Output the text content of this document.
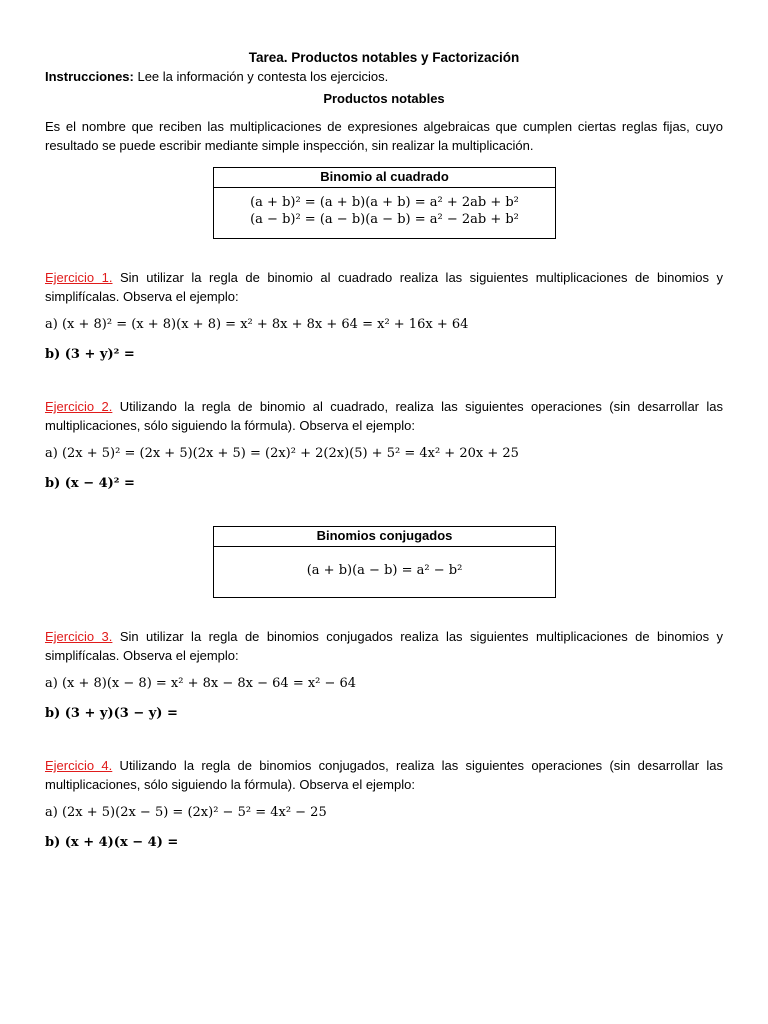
Tarea. Productos notables y Factorización

Instrucciones: Lee la información y contesta los ejercicios.

Productos notables

Es el nombre que reciben las multiplicaciones de expresiones algebraicas que cumplen ciertas reglas fijas, cuyo resultado se puede escribir mediante simple inspección, sin realizar la multiplicación.

Binomio al cuadrado
(a + b)² = (a + b)(a + b) = a² + 2ab + b²
(a − b)² = (a − b)(a − b) = a² − 2ab + b²

Ejercicio 1. Sin utilizar la regla de binomio al cuadrado realiza las siguientes multiplicaciones de binomios y simplifícalas. Observa el ejemplo:

a) (x + 8)² = (x + 8)(x + 8) = x² + 8x + 8x + 64 = x² + 16x + 64

b) (3 + y)² =

Ejercicio 2. Utilizando la regla de binomio al cuadrado, realiza las siguientes operaciones (sin desarrollar las multiplicaciones, sólo siguiendo la fórmula). Observa el ejemplo:

a) (2x + 5)² = (2x + 5)(2x + 5) = (2x)² + 2(2x)(5) + 5² = 4x² + 20x + 25

b) (x − 4)² =

Binomios conjugados
(a + b)(a − b) = a² − b²

Ejercicio 3. Sin utilizar la regla de binomios conjugados realiza las siguientes multiplicaciones de binomios y simplifícalas. Observa el ejemplo:

a) (x + 8)(x − 8) = x² + 8x − 8x − 64 = x² − 64

b) (3 + y)(3 − y) =

Ejercicio 4. Utilizando la regla de binomios conjugados, realiza las siguientes operaciones (sin desarrollar las multiplicaciones, sólo siguiendo la fórmula). Observa el ejemplo:

a) (2x + 5)(2x − 5) = (2x)² − 5² = 4x² − 25

b) (x + 4)(x − 4) =
